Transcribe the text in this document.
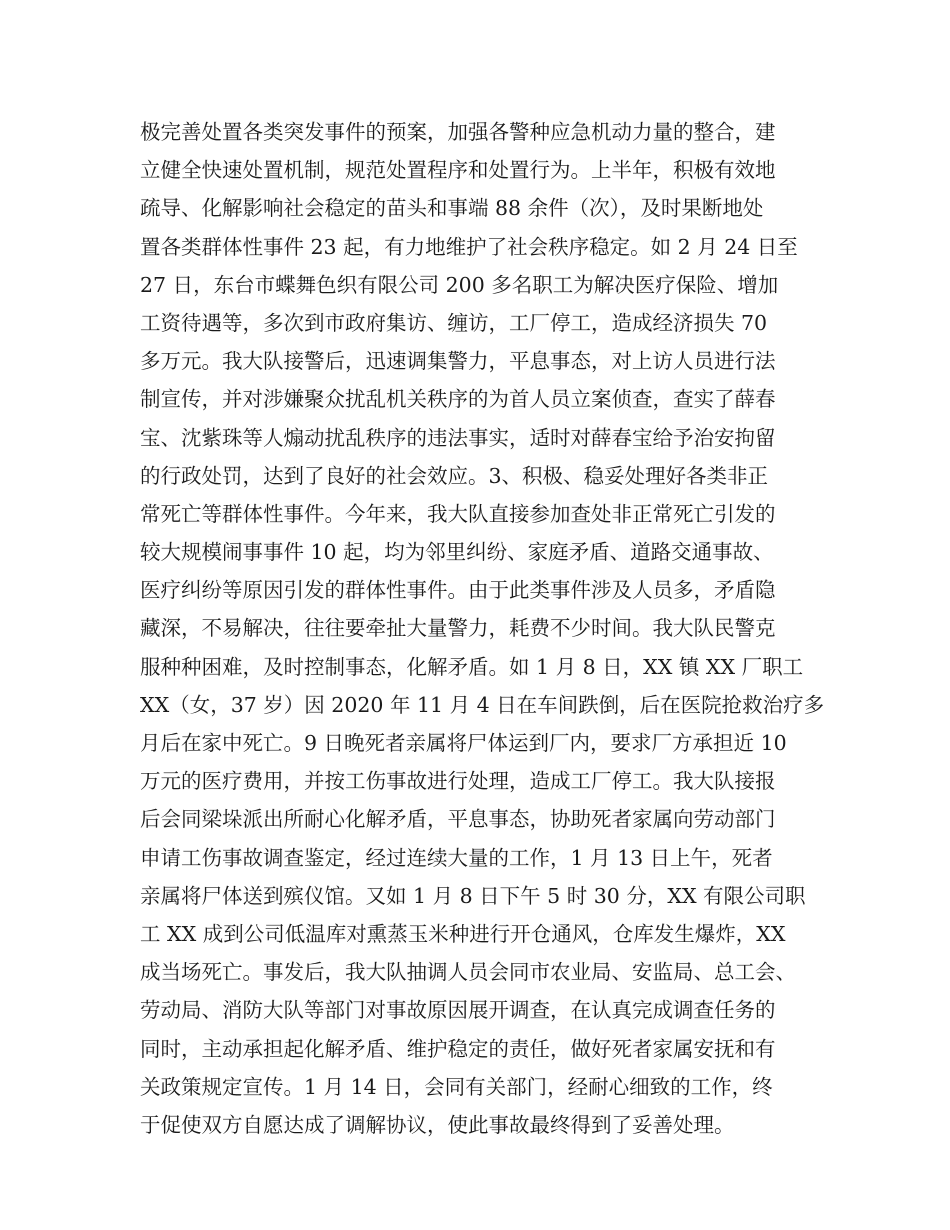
极完善处置各类突发事件的预案，加强各警种应急机动力量的整合，建
立健全快速处置机制，规范处置程序和处置行为。上半年，积极有效地
疏导、化解影响社会稳定的苗头和事端 88 余件（次），及时果断地处
置各类群体性事件 23 起，有力地维护了社会秩序稳定。如 2 月 24 日至
27 日，东台市蝶舞色织有限公司 200 多名职工为解决医疗保险、增加
工资待遇等，多次到市政府集访、缠访，工厂停工，造成经济损失 70
多万元。我大队接警后，迅速调集警力，平息事态，对上访人员进行法
制宣传，并对涉嫌聚众扰乱机关秩序的为首人员立案侦查，查实了薛春
宝、沈紫珠等人煽动扰乱秩序的违法事实，适时对薛春宝给予治安拘留
的行政处罚，达到了良好的社会效应。3、积极、稳妥处理好各类非正
常死亡等群体性事件。今年来，我大队直接参加查处非正常死亡引发的
较大规模闹事事件 10 起，均为邻里纠纷、家庭矛盾、道路交通事故、
医疗纠纷等原因引发的群体性事件。由于此类事件涉及人员多，矛盾隐
藏深，不易解决，往往要牵扯大量警力，耗费不少时间。我大队民警克
服种种困难，及时控制事态，化解矛盾。如 1 月 8 日，XX 镇 XX 厂职工
XX（女，37 岁）因 2020 年 11 月 4 日在车间跌倒，后在医院抢救治疗多
月后在家中死亡。9 日晚死者亲属将尸体运到厂内，要求厂方承担近 10
万元的医疗费用，并按工伤事故进行处理，造成工厂停工。我大队接报
后会同梁垛派出所耐心化解矛盾，平息事态，协助死者家属向劳动部门
申请工伤事故调查鉴定，经过连续大量的工作，1 月 13 日上午，死者
亲属将尸体送到殡仪馆。又如 1 月 8 日下午 5 时 30 分，XX 有限公司职
工 XX 成到公司低温库对熏蒸玉米种进行开仓通风，仓库发生爆炸，XX
成当场死亡。事发后，我大队抽调人员会同市农业局、安监局、总工会、
劳动局、消防大队等部门对事故原因展开调查，在认真完成调查任务的
同时，主动承担起化解矛盾、维护稳定的责任，做好死者家属安抚和有
关政策规定宣传。1 月 14 日，会同有关部门，经耐心细致的工作，终
于促使双方自愿达成了调解协议，使此事故最终得到了妥善处理。
